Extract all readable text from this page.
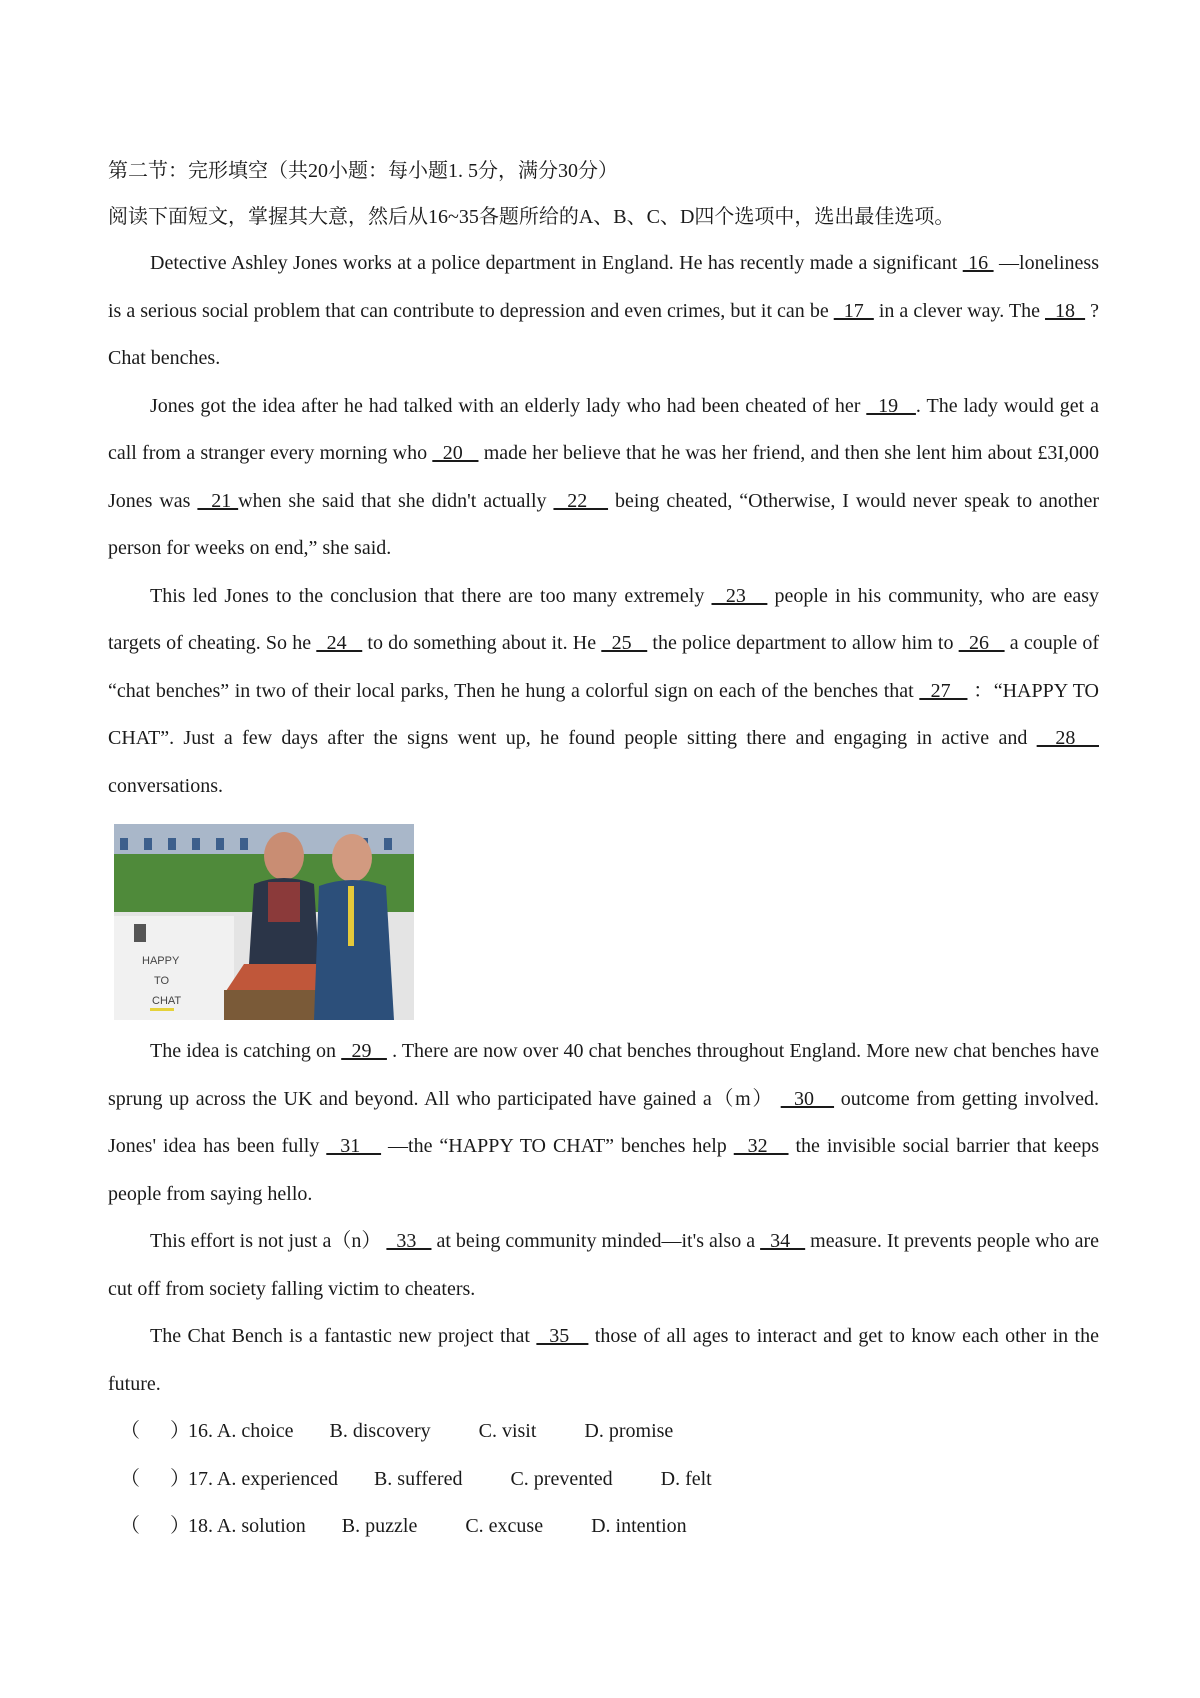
第二节：完形填空（共20小题：每小题1. 5分，满分30分）

阅读下面短文，掌握其大意，然后从16~35各题所给的A、B、C、D四个选项中，选出最佳选项。

Detective Ashley Jones works at a police department in England. He has recently made a significant  16  —loneliness is a serious social problem that can contribute to depression and even crimes, but it can be   17   in a clever way. The   18   ? Chat benches.

Jones got the idea after he had talked with an elderly lady who had been cheated of her   19   . The lady would get a call from a stranger every morning who   20    made her believe that he was her friend, and then she lent him about £3I,000 Jones was   21 when she said that she didn't actually   22    being cheated, “Otherwise, I would never speak to another person for weeks on end,” she said.

This led Jones to the conclusion that there are too many extremely   23    people in his community, who are easy targets of cheating. So he   24    to do something about it. He   25    the police department to allow him to   26    a couple of “chat benches” in two of their local parks, Then he hung a colorful sign on each of the benches that   27    ：“HAPPY TO CHAT”. Just a few days after the signs went up, he found people sitting there and engaging in active and   28    conversations.

HAPPY
TO
CHAT

The idea is catching on   29    . There are now over 40 chat benches throughout England. More new chat benches have sprung up across the UK and beyond. All who participated have gained a（m）   30    outcome from getting involved. Jones' idea has been fully   31    —the “HAPPY TO CHAT” benches help   32    the invisible social barrier that keeps people from saying hello.

This effort is not just a（n）   33    at being community minded—it's also a   34    measure. It prevents people who are cut off from society falling victim to cheaters.

The Chat Bench is a fantastic new project that   35    those of all ages to interact and get to know each other in the future.

（      ）
16. A. choice B. discovery C. visit D. promise
（      ）
17. A. experienced B. suffered C. prevented D. felt
（      ）
18. A. solution B. puzzle C. excuse D. intention
